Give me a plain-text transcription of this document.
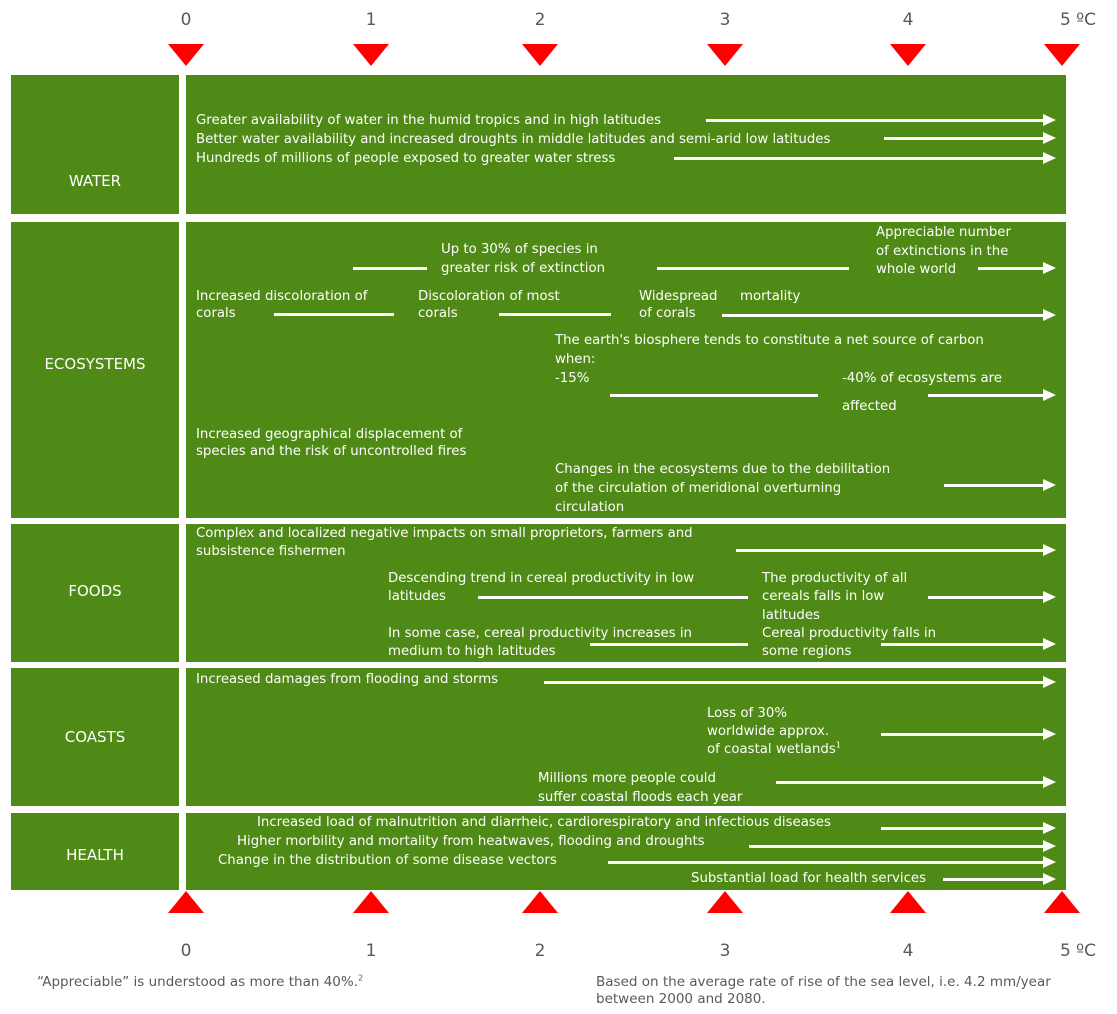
0	1	2	3	4	5 ºC
WATER
Greater availability of water in the humid tropics and in high latitudes
Better water availability and increased droughts in middle latitudes and semi-arid low latitudes
Hundreds of millions of people exposed to greater water stress
ECOSYSTEMS
Up to 30% of species in
greater risk of extinction
Appreciable number
of extinctions in the
whole world
Increased discoloration of
corals
Discoloration of most
corals
Widespread mortality
of corals
The earth's biosphere tends to constitute a net source of carbon
when:
-15%	-40% of ecosystems are
affected
Increased geographical displacement of
species and the risk of uncontrolled fires
Changes in the ecosystems due to the debilitation
of the circulation of meridional overturning
circulation
FOODS
Complex and localized negative impacts on small proprietors, farmers and
subsistence fishermen
Descending trend in cereal productivity in low
latitudes
The productivity of all
cereals falls in low
latitudes
In some case, cereal productivity increases in
medium to high latitudes
Cereal productivity falls in
some regions
COASTS
Increased damages from flooding and storms
Loss of 30%
worldwide approx.
of coastal wetlands$^1$
Millions more people could
suffer coastal floods each year
HEALTH
Increased load of malnutrition and diarrheic, cardiorespiratory and infectious diseases
Higher morbility and mortality from heatwaves, flooding and droughts
Change in the distribution of some disease vectors
Substantial load for health services
0	1	2	3	4	5 ºC
“Appreciable” is understood as more than 40%.$^2$	Based on the average rate of rise of the sea level, i.e. 4.2 mm/year between 2000 and 2080.
